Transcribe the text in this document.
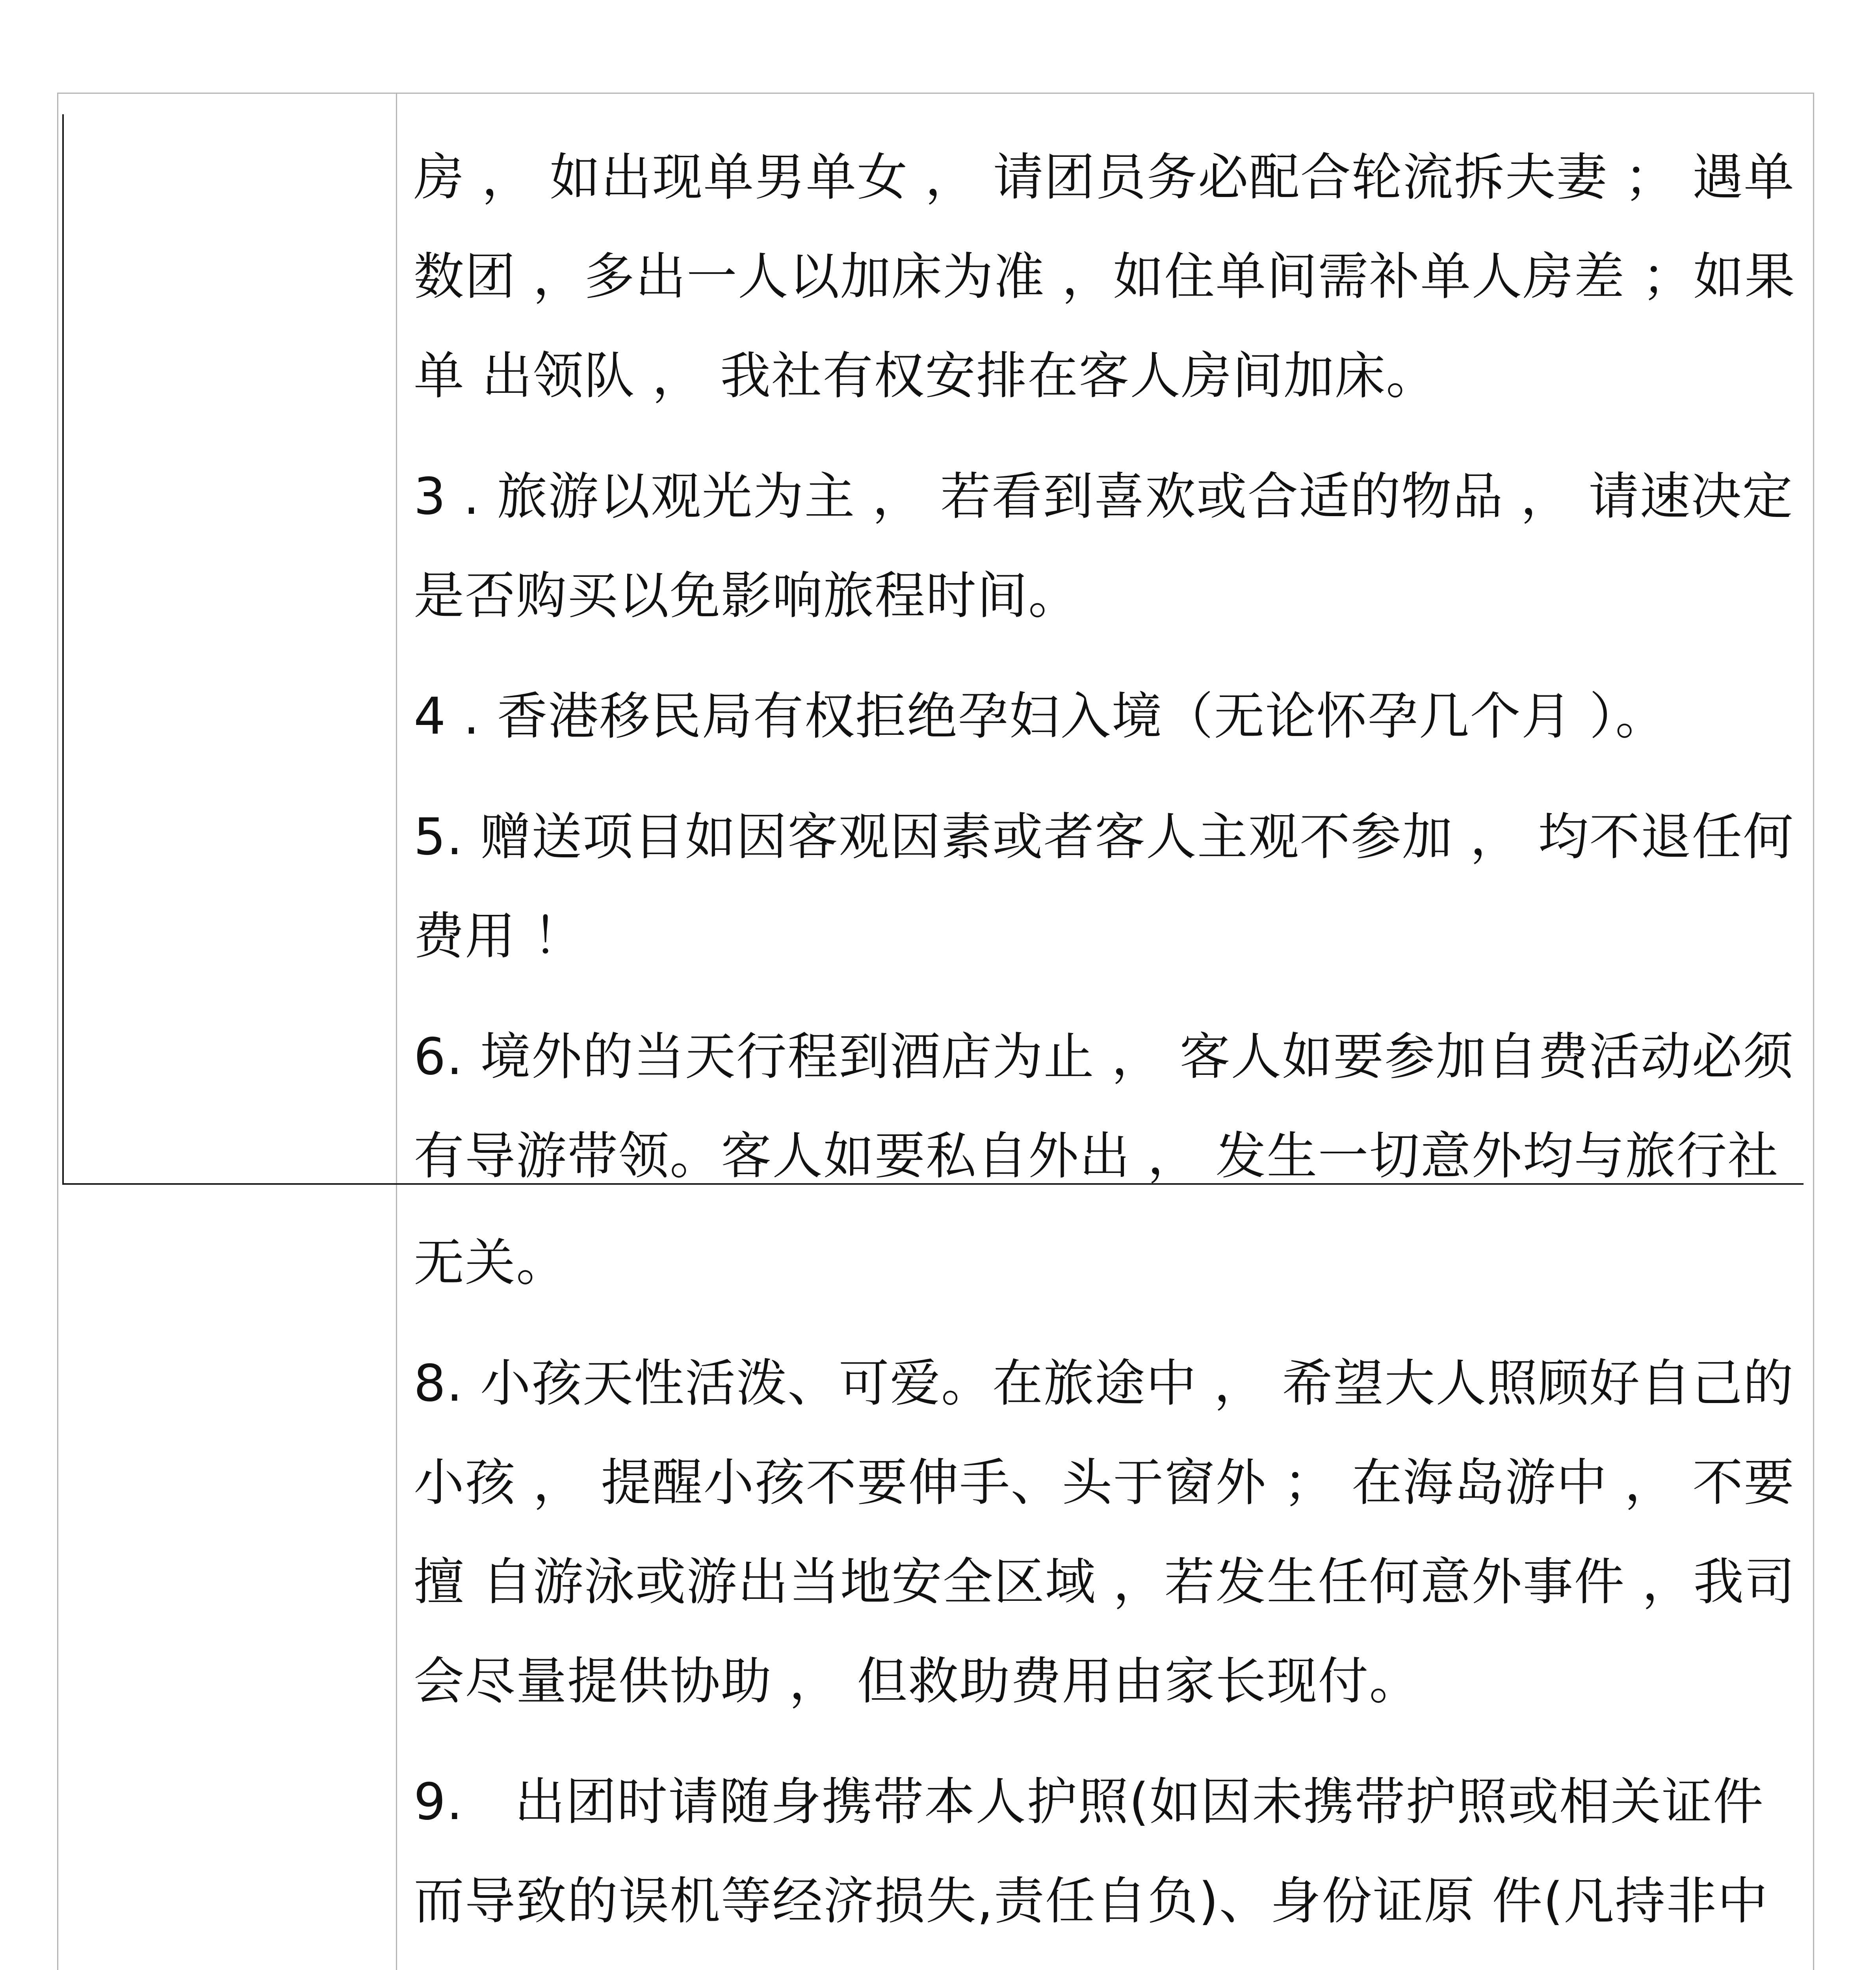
房 ， 如出现单男单女 ， 请团员务必配合轮流拆夫妻 ； 遇单数团 ，多出一人以加床为准 ，如住单间需补单人房差 ；如果单 出领队 ， 我社有权安排在客人房间加床。

3 . 旅游以观光为主 ， 若看到喜欢或合适的物品 ， 请速决定是否购买以免影响旅程时间。

4 . 香港移民局有权拒绝孕妇入境（无论怀孕几个月 ）。

5. 赠送项目如因客观因素或者客人主观不参加 ， 均不退任何费用 ！

6. 境外的当天行程到酒店为止 ， 客人如要参加自费活动必须有导游带领。客人如要私自外出 ， 发生一切意外均与旅行社

无关。

8. 小孩天性活泼、可爱。在旅途中 ， 希望大人照顾好自己的小孩 ， 提醒小孩不要伸手、头于窗外 ； 在海岛游中 ， 不要擅 自游泳或游出当地安全区域 ，若发生任何意外事件 ，我司会尽量提供协助 ， 但救助费用由家长现付。

9.　出团时请随身携带本人护照(如因未携带护照或相关证件而导致的误机等经济损失,责任自负)、身份证原 件(凡持非中
